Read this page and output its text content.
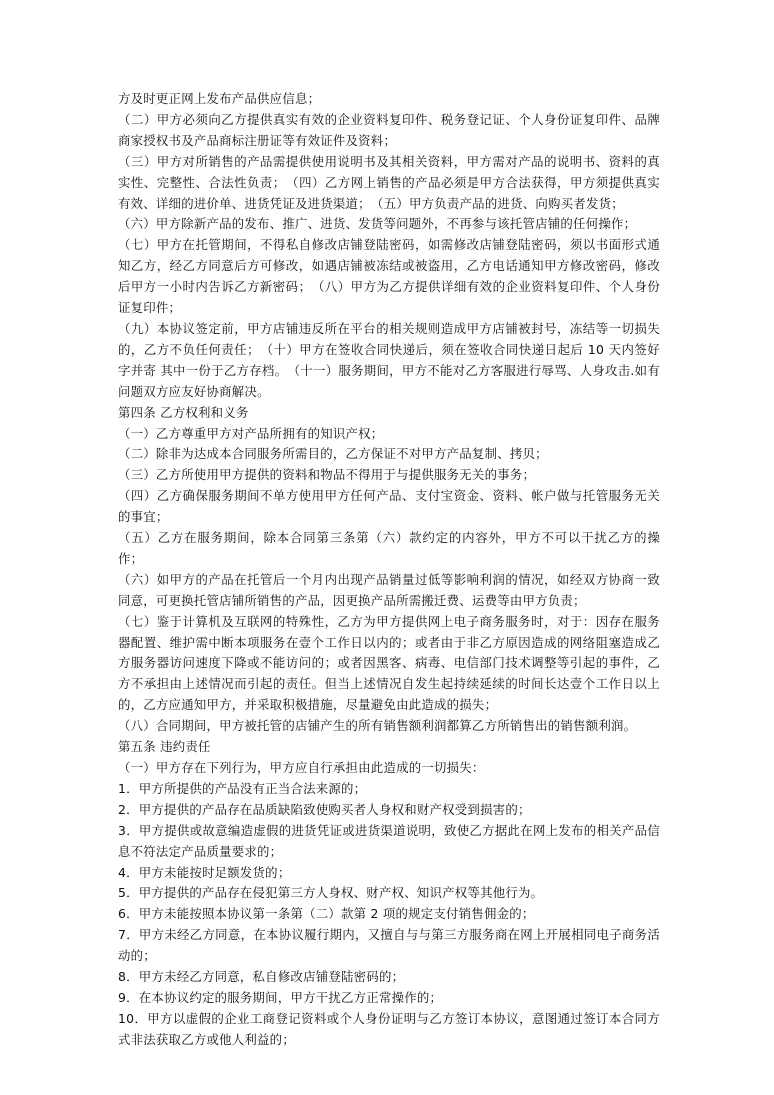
方及时更正网上发布产品供应信息；

（二）甲方必须向乙方提供真实有效的企业资料复印件、税务登记证、个人身份证复印件、品牌商家授权书及产品商标注册证等有效证件及资料；

（三）甲方对所销售的产品需提供使用说明书及其相关资料，甲方需对产品的说明书、资料的真实性、完整性、合法性负责；　（四）乙方网上销售的产品必须是甲方合法获得，甲方须提供真实有效、详细的进价单、进货凭证及进货渠道；　（五）甲方负责产品的进货、向购买者发货；

（六）甲方除新产品的发布、推广、进货、发货等问题外，不再参与该托管店铺的任何操作；

（七）甲方在托管期间，不得私自修改店铺登陆密码，如需修改店铺登陆密码，须以书面形式通知乙方，经乙方同意后方可修改，如遇店铺被冻结或被盗用，乙方电话通知甲方修改密码，修改后甲方一小时内告诉乙方新密码；　（八）甲方为乙方提供详细有效的企业资料复印件、个人身份证复印件；

（九）本协议签定前，甲方店铺违反所在平台的相关规则造成甲方店铺被封号，冻结等一切损失的，乙方不负任何责任；　（十）甲方在签收合同快递后，须在签收合同快递日起后 10 天内签好字并寄 其中一份于乙方存档。　（十一）服务期间，甲方不能对乙方客服进行辱骂、人身攻击.如有问题双方应友好协商解决。

第四条 乙方权利和义务

（一）乙方尊重甲方对产品所拥有的知识产权；

（二）除非为达成本合同服务所需目的，乙方保证不对甲方产品复制、拷贝；

（三）乙方所使用甲方提供的资料和物品不得用于与提供服务无关的事务；

（四）乙方确保服务期间不单方使用甲方任何产品、支付宝资金、资料、帐户做与托管服务无关的事宜；

（五）乙方在服务期间，除本合同第三条第（六）款约定的内容外，甲方不可以干扰乙方的操作；

（六）如甲方的产品在托管后一个月内出现产品销量过低等影响利润的情况，如经双方协商一致同意，可更换托管店铺所销售的产品，因更换产品所需搬迁费、运费等由甲方负责；

（七）鉴于计算机及互联网的特殊性，乙方为甲方提供网上电子商务服务时，对于：因存在服务器配置、维护需中断本项服务在壹个工作日以内的；或者由于非乙方原因造成的网络阻塞造成乙方服务器访问速度下降或不能访问的；或者因黑客、病毒、电信部门技术调整等引起的事件，乙方不承担由上述情况而引起的责任。但当上述情况自发生起持续延续的时间长达壹个工作日以上的，乙方应通知甲方，并采取积极措施，尽量避免由此造成的损失；

（八）合同期间，甲方被托管的店铺产生的所有销售额利润都算乙方所销售出的销售额利润。

第五条 违约责任

（一）甲方存在下列行为，甲方应自行承担由此造成的一切损失：

1．甲方所提供的产品没有正当合法来源的；

2．甲方提供的产品存在品质缺陷致使购买者人身权和财产权受到损害的；

3．甲方提供或故意编造虚假的进货凭证或进货渠道说明，致使乙方据此在网上发布的相关产品信息不符法定产品质量要求的；

4．甲方未能按时足额发货的；

5．甲方提供的产品存在侵犯第三方人身权、财产权、知识产权等其他行为。

6．甲方未能按照本协议第一条第（二）款第 2 项的规定支付销售佣金的；

7．甲方未经乙方同意，在本协议履行期内，又擅自与与第三方服务商在网上开展相同电子商务活动的；

8．甲方未经乙方同意，私自修改店铺登陆密码的；

9．在本协议约定的服务期间，甲方干扰乙方正常操作的；

10．甲方以虚假的企业工商登记资料或个人身份证明与乙方签订本协议，意图通过签订本合同方式非法获取乙方或他人利益的；
